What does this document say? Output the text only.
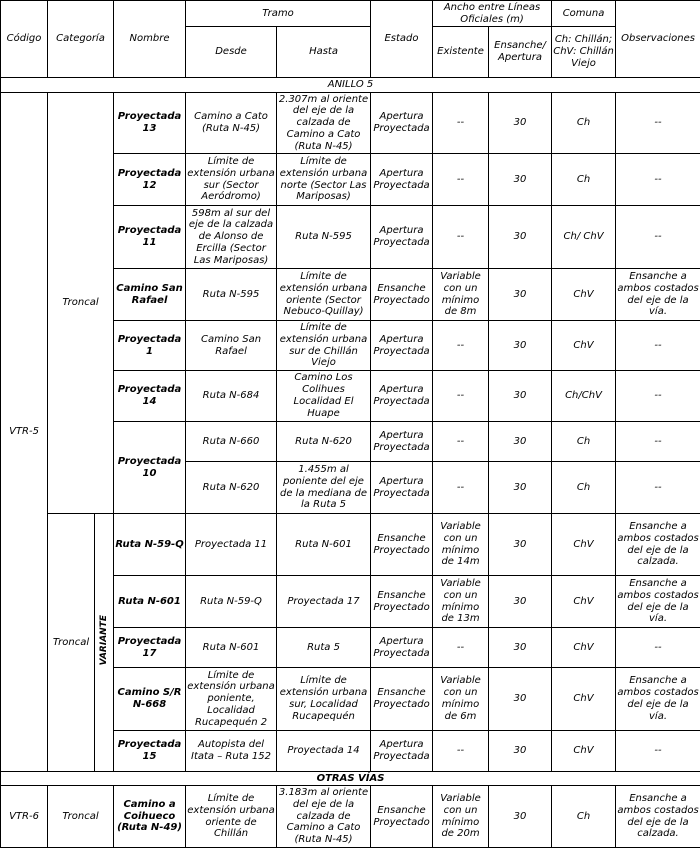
Código	Categoría		Nombre	Tramo		Estado	Ancho entre Líneas Oficiales (m)		Comuna	Observaciones
				Desde	Hasta		Existente	Ensanche/ Apertura	Ch: Chillán; ChV: Chillán Viejo	
ANILLO 5										
VTR-5	Troncal		Proyectada 13	Camino a Cato (Ruta N-45)	2.307m al oriente del eje de la calzada de Camino a Cato (Ruta N-45)	Apertura Proyectada	--	30	Ch	--
			Proyectada 12	Límite de extensión urbana sur (Sector Aeródromo)	Límite de extensión urbana norte (Sector Las Mariposas)	Apertura Proyectada	--	30	Ch	--
			Proyectada 11	598m al sur del eje de la calzada de Alonso de Ercilla (Sector Las Mariposas)	Ruta N-595	Apertura Proyectada	--	30	Ch/ ChV	--
			Camino San Rafael	Ruta N-595	Límite de extensión urbana oriente (Sector Nebuco-Quillay)	Ensanche Proyectado	Variable con un mínimo de 8m	30	ChV	Ensanche a ambos costados del eje de la vía.
			Proyectada 1	Camino San Rafael	Límite de extensión urbana sur de Chillán Viejo	Apertura Proyectada	--	30	ChV	--
			Proyectada 14	Ruta N-684	Camino Los Colihues Localidad El Huape	Apertura Proyectada	--	30	Ch/ChV	--
			Proyectada 10	Ruta N-660	Ruta N-620	Apertura Proyectada	--	30	Ch	--
				Ruta N-620	1.455m al poniente del eje de la mediana de la Ruta 5	Apertura Proyectada	--	30	Ch	--
	Troncal	VARIANTE	Ruta N-59-Q	Proyectada 11	Ruta N-601	Ensanche Proyectado	Variable con un mínimo de 14m	30	ChV	Ensanche a ambos costados del eje de la calzada.
			Ruta N-601	Ruta N-59-Q	Proyectada 17	Ensanche Proyectado	Variable con un mínimo de 13m	30	ChV	Ensanche a ambos costados del eje de la vía.
			Proyectada 17	Ruta N-601	Ruta 5	Apertura Proyectada	--	30	ChV	--
			Camino S/R N-668	Límite de extensión urbana poniente, Localidad Rucapequén 2	Límite de extensión urbana sur, Localidad Rucapequén	Ensanche Proyectado	Variable con un mínimo de 6m	30	ChV	Ensanche a ambos costados del eje de la vía.
			Proyectada 15	Autopista del Itata – Ruta 152	Proyectada 14	Apertura Proyectada	--	30	ChV	--
OTRAS VÍAS										
VTR-6	Troncal		Camino a Coihueco (Ruta N-49)	Límite de extensión urbana oriente de Chillán	3.183m al oriente del eje de la calzada de Camino a Cato (Ruta N-45)	Ensanche Proyectado	Variable con un mínimo de 20m	30	Ch	Ensanche a ambos costados del eje de la calzada.
